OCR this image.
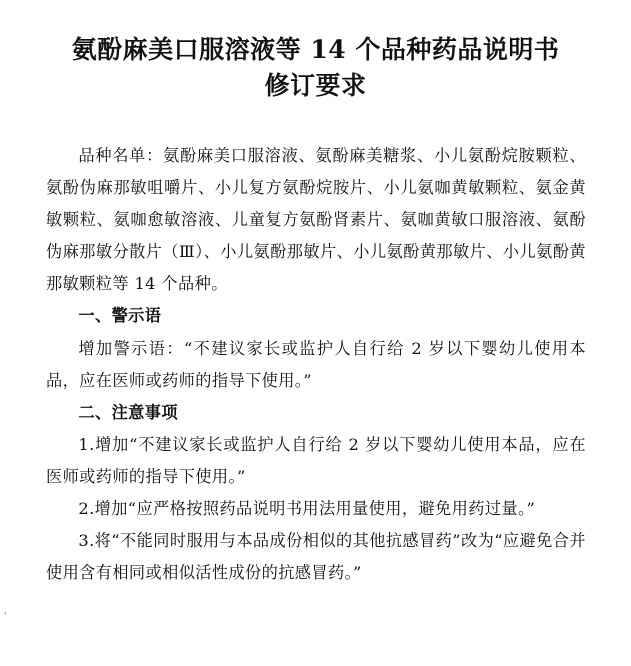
氨酚麻美口服溶液等 14 个品种药品说明书
修订要求

品种名单：氨酚麻美口服溶液、氨酚麻美糖浆、小儿氨酚烷胺颗粒、氨酚伪麻那敏咀嚼片、小儿复方氨酚烷胺片、小儿氨咖黄敏颗粒、氨金黄敏颗粒、氨咖愈敏溶液、儿童复方氨酚肾素片、氨咖黄敏口服溶液、氨酚伪麻那敏分散片（Ⅲ）、小儿氨酚那敏片、小儿氨酚黄那敏片、小儿氨酚黄那敏颗粒等 14 个品种。

一、警示语

增加警示语：“不建议家长或监护人自行给 2 岁以下婴幼儿使用本品，应在医师或药师的指导下使用。”

二、注意事项

1.增加“不建议家长或监护人自行给 2 岁以下婴幼儿使用本品，应在医师或药师的指导下使用。”

2.增加“应严格按照药品说明书用法用量使用，避免用药过量。”

3.将“不能同时服用与本品成份相似的其他抗感冒药”改为“应避免合并使用含有相同或相似活性成份的抗感冒药。”

'
